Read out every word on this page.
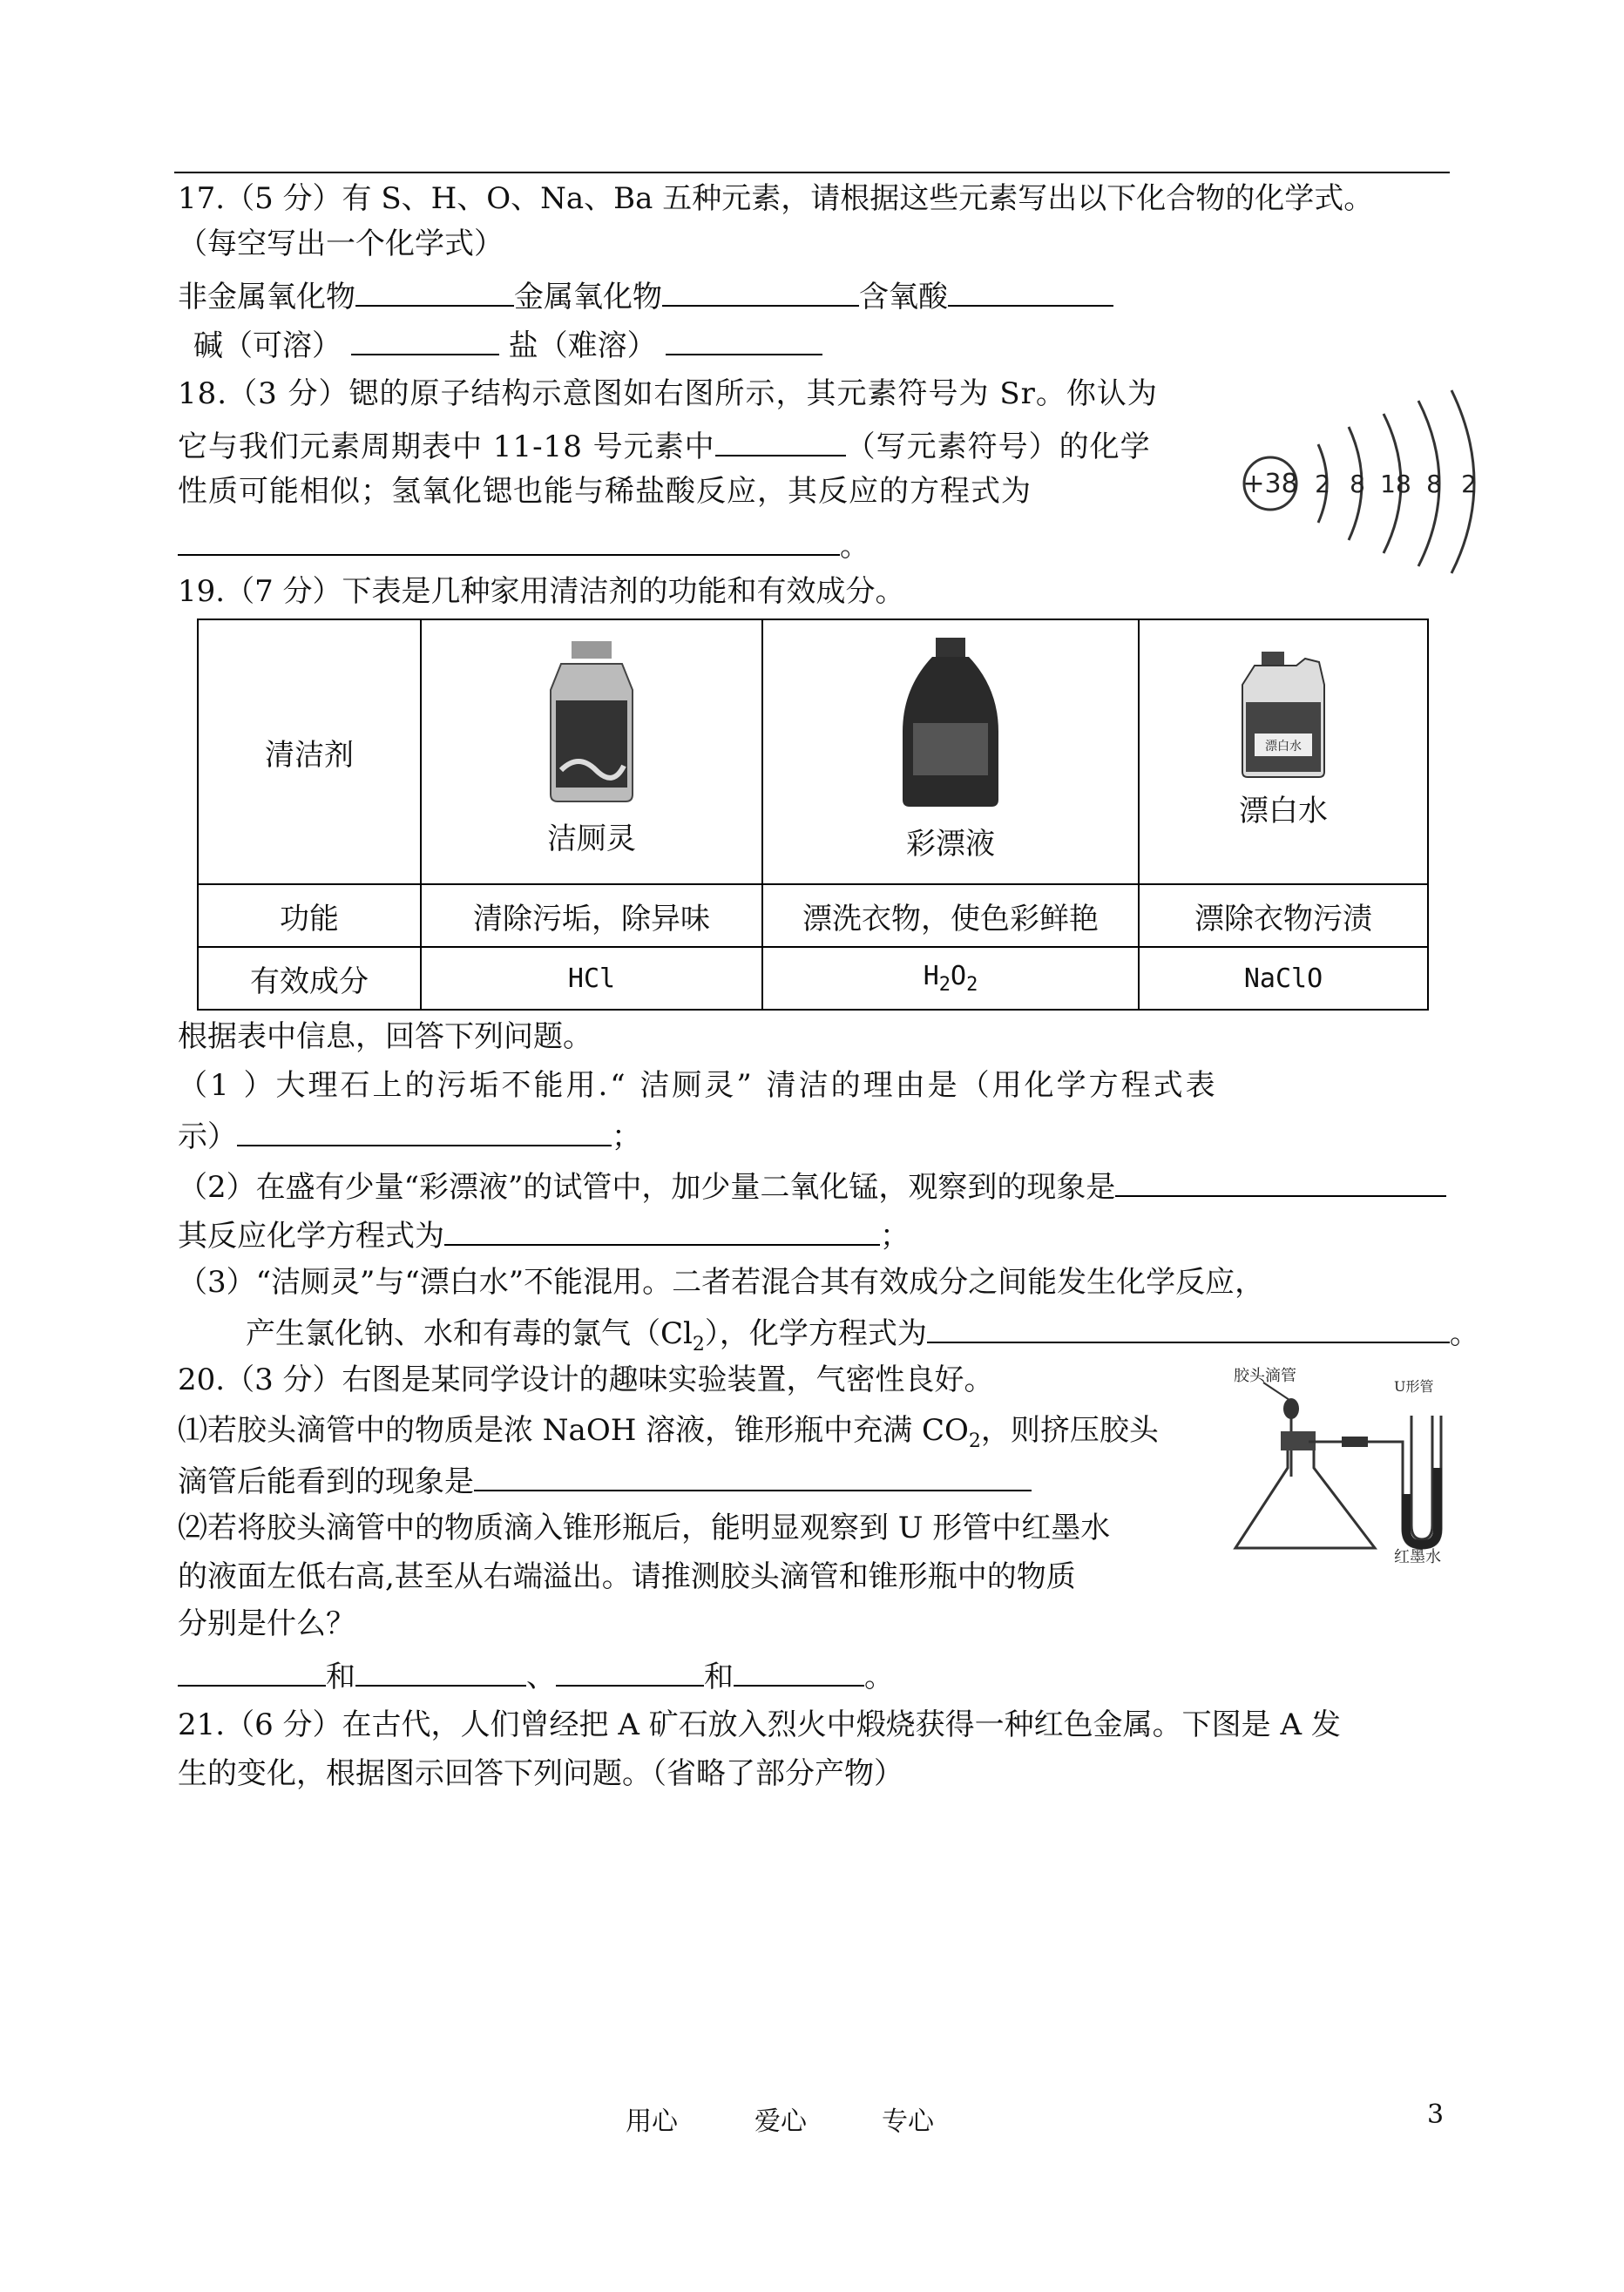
17.（5 分）有 S、H、O、Na、Ba 五种元素，请根据这些元素写出以下化合物的化学式。
（每空写出一个化学式）
非金属氧化物	金属氧化物	含氧酸
碱（可溶）	盐（难溶）
18.（3 分）锶的原子结构示意图如右图所示，其元素符号为 Sr。你认为
它与我们元素周期表中 11-18 号元素中	（写元素符号）的化学
性质可能相似；氢氧化锶也能与稀盐酸反应，其反应的方程式为
。
+38 2 8 18 8 2
19.（7 分）下表是几种家用清洁剂的功能和有效成分。
清洁剂	洁厕灵	彩漂液	漂白水
漂白水

功能	清除污垢，除异味	漂洗衣物，使色彩鲜艳	漂除衣物污渍
有效成分	HCl	$H_2O_2$	NaClO
根据表中信息，回答下列问题。
（1 ）大理石上的污垢不能用.“ 洁厕灵” 清洁的理由是（用化学方程式表
示）	；
（2）在盛有少量“彩漂液”的试管中，加少量二氧化锰，观察到的现象是
其反应化学方程式为	；
（3）“洁厕灵”与“漂白水”不能混用。二者若混合其有效成分之间能发生化学反应，
产生氯化钠、水和有毒的氯气$(Cl_2)$，化学方程式为	。
20.（3 分）右图是某同学设计的趣味实验装置，气密性良好。
⑴若胶头滴管中的物质是浓 NaOH 溶液，锥形瓶中充满 $CO_2$，则挤压胶头
滴管后能看到的现象是
⑵若将胶头滴管中的物质滴入锥形瓶后，能明显观察到 U 形管中红墨水
的液面左低右高,甚至从右端溢出。请推测胶头滴管和锥形瓶中的物质
分别是什么？
和	、	和	。
胶头滴管
U形管
红墨水
21.（6 分）在古代，人们曾经把 A 矿石放入烈火中煅烧获得一种红色金属。下图是 A 发
生的变化，根据图示回答下列问题。（省略了部分产物）
用心	爱心	专心	3
